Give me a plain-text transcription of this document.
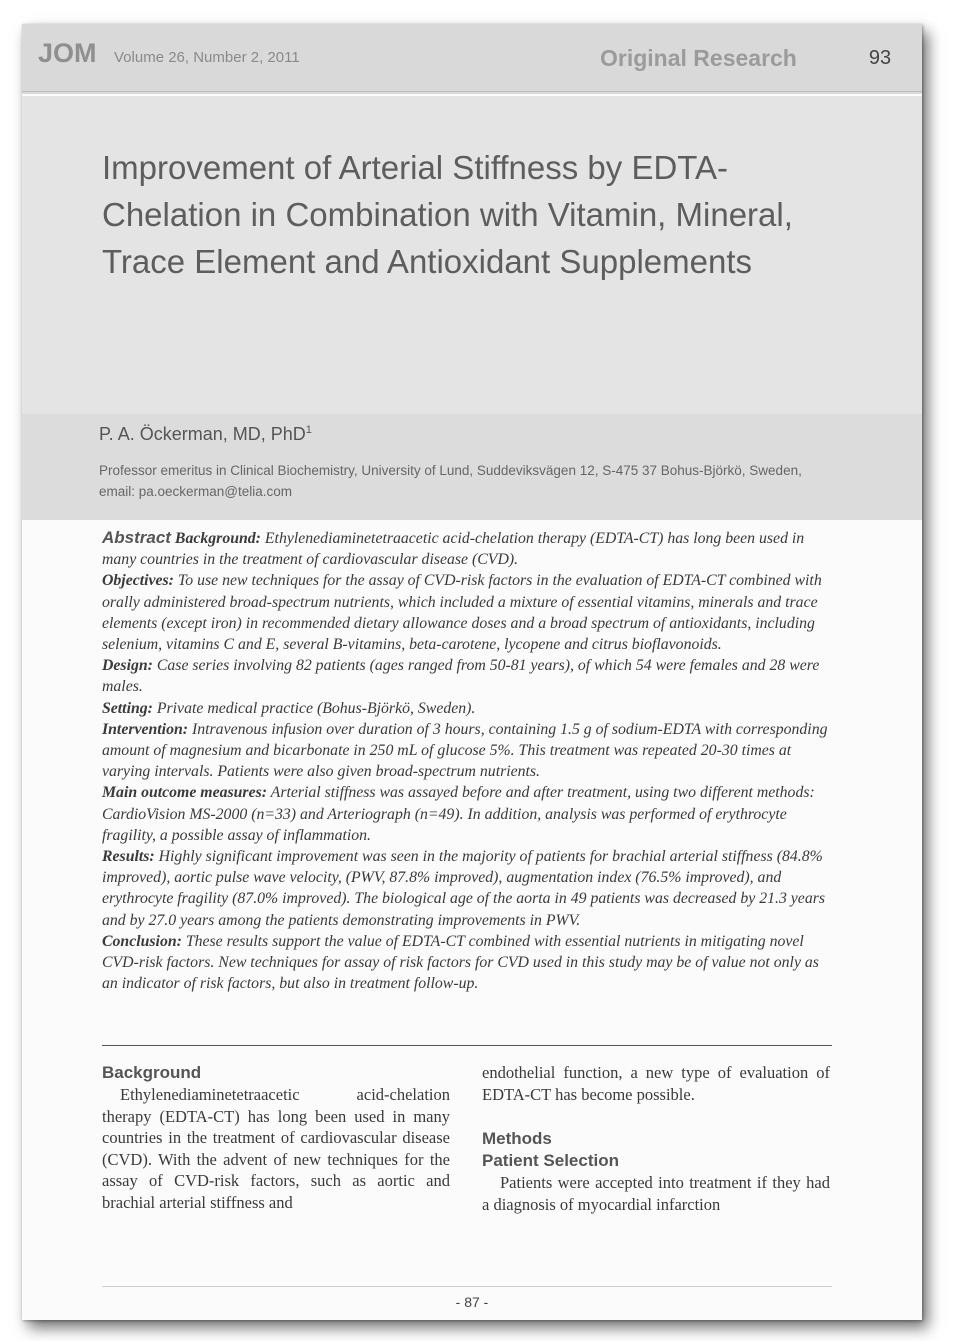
JOM Volume 26, Number 2, 2011	Original Research	93
Improvement of Arterial Stiffness by EDTA-Chelation in Combination with Vitamin, Mineral, Trace Element and Antioxidant Supplements
P. A. Öckerman, MD, PhD$^1$
Professor emeritus in Clinical Biochemistry, University of Lund, Suddeviksvägen 12, S-475 37 Bohus-Björkö, Sweden, email: pa.oeckerman@telia.com

Abstract Background: Ethylenediaminetetraacetic acid-chelation therapy (EDTA-CT) has long been used in many countries in the treatment of cardiovascular disease (CVD).

Objectives: To use new techniques for the assay of CVD-risk factors in the evaluation of EDTA-CT combined with orally administered broad-spectrum nutrients, which included a mixture of essential vitamins, minerals and trace elements (except iron) in recommended dietary allowance doses and a broad spectrum of antioxidants, including selenium, vitamins C and E, several B-vitamins, beta-carotene, lycopene and citrus bioflavonoids.

Design: Case series involving 82 patients (ages ranged from 50-81 years), of which 54 were females and 28 were males.

Setting: Private medical practice (Bohus-Björkö, Sweden).

Intervention: Intravenous infusion over duration of 3 hours, containing 1.5 g of sodium-EDTA with corresponding amount of magnesium and bicarbonate in 250 mL of glucose 5%. This treatment was repeated 20-30 times at varying intervals. Patients were also given broad-spectrum nutrients.

Main outcome measures: Arterial stiffness was assayed before and after treatment, using two different methods: CardioVision MS-2000 (n=33) and Arteriograph (n=49). In addition, analysis was performed of erythrocyte fragility, a possible assay of inflammation.

Results: Highly significant improvement was seen in the majority of patients for brachial arterial stiffness (84.8% improved), aortic pulse wave velocity, (PWV, 87.8% improved), augmentation index (76.5% improved), and erythrocyte fragility (87.0% improved). The biological age of the aorta in 49 patients was decreased by 21.3 years and by 27.0 years among the patients demonstrating improvements in PWV.

Conclusion: These results support the value of EDTA-CT combined with essential nutrients in mitigating novel CVD-risk factors. New techniques for assay of risk factors for CVD used in this study may be of value not only as an indicator of risk factors, but also in treatment follow-up.

Background

Ethylenediaminetetraacetic acid-chelation therapy (EDTA-CT) has long been used in many countries in the treatment of cardiovascular disease (CVD). With the advent of new techniques for the assay of CVD-risk factors, such as aortic and brachial arterial stiffness and

endothelial function, a new type of evaluation of EDTA-CT has become possible.

Methods
Patient Selection

Patients were accepted into treatment if they had a diagnosis of myocardial infarction

- 87 -
